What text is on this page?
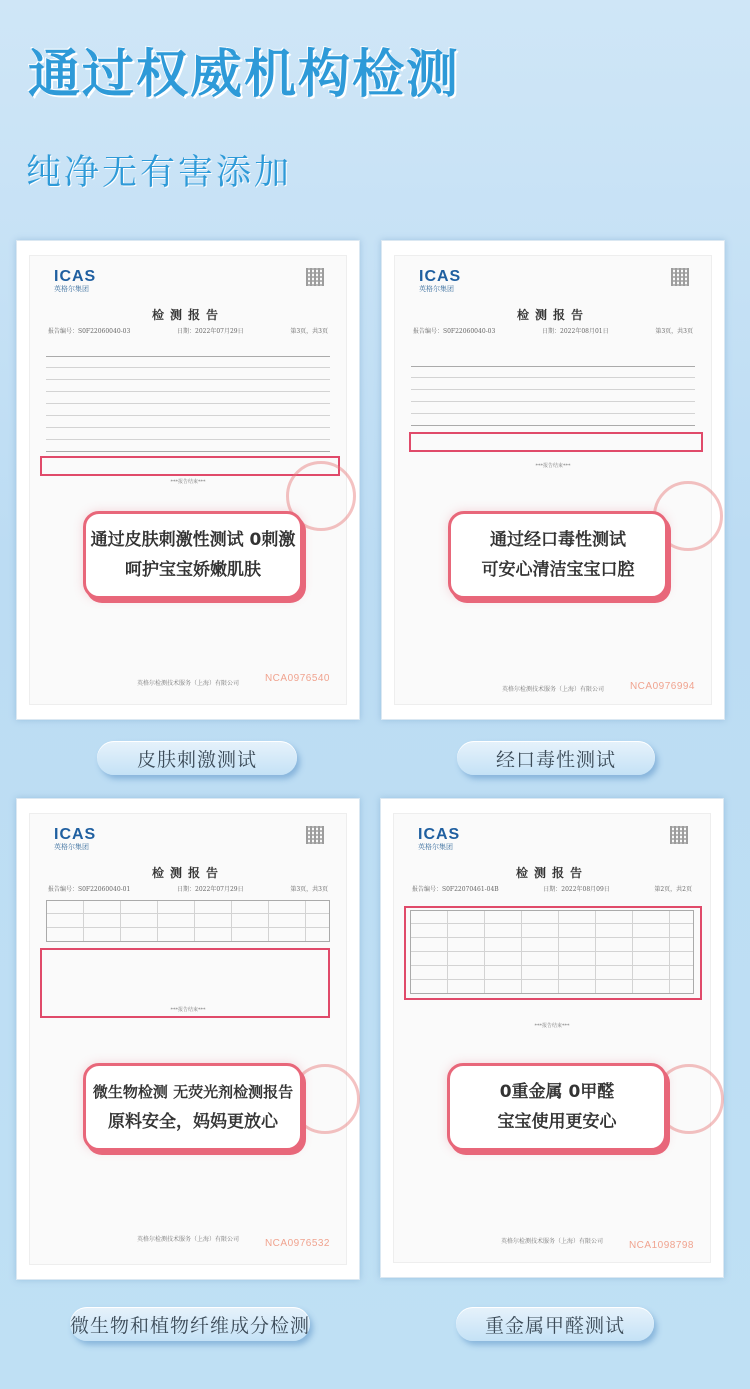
通过权威机构检测
纯净无有害添加
ICAS
英格尔集团
检测报告
报告编号：S0F22060040-03	日期：2022年07月29日	第3页，共3页
***报告结束***
英格尔检测技术服务（上海）有限公司	NCA0976540
通过皮肤刺激性测试 0刺激
呵护宝宝娇嫩肌肤
皮肤刺激测试
ICAS
英格尔集团
检测报告
报告编号：S0F22060040-03	日期：2022年08月01日	第3页，共3页
***报告结束***
英格尔检测技术服务（上海）有限公司	NCA0976994
通过经口毒性测试
可安心清洁宝宝口腔
经口毒性测试
ICAS
英格尔集团
检测报告
报告编号：S0F22060040-01	日期：2022年07月29日	第3页，共3页
***报告结束***
英格尔检测技术服务（上海）有限公司	NCA0976532
微生物检测 无荧光剂检测报告
原料安全，妈妈更放心
微生物和植物纤维成分检测
ICAS
英格尔集团
检测报告
报告编号：S0F22070461-04B	日期：2022年08月09日	第2页，共2页
***报告结束***
英格尔检测技术服务（上海）有限公司	NCA1098798
0重金属 0甲醛
宝宝使用更安心
重金属甲醛测试
